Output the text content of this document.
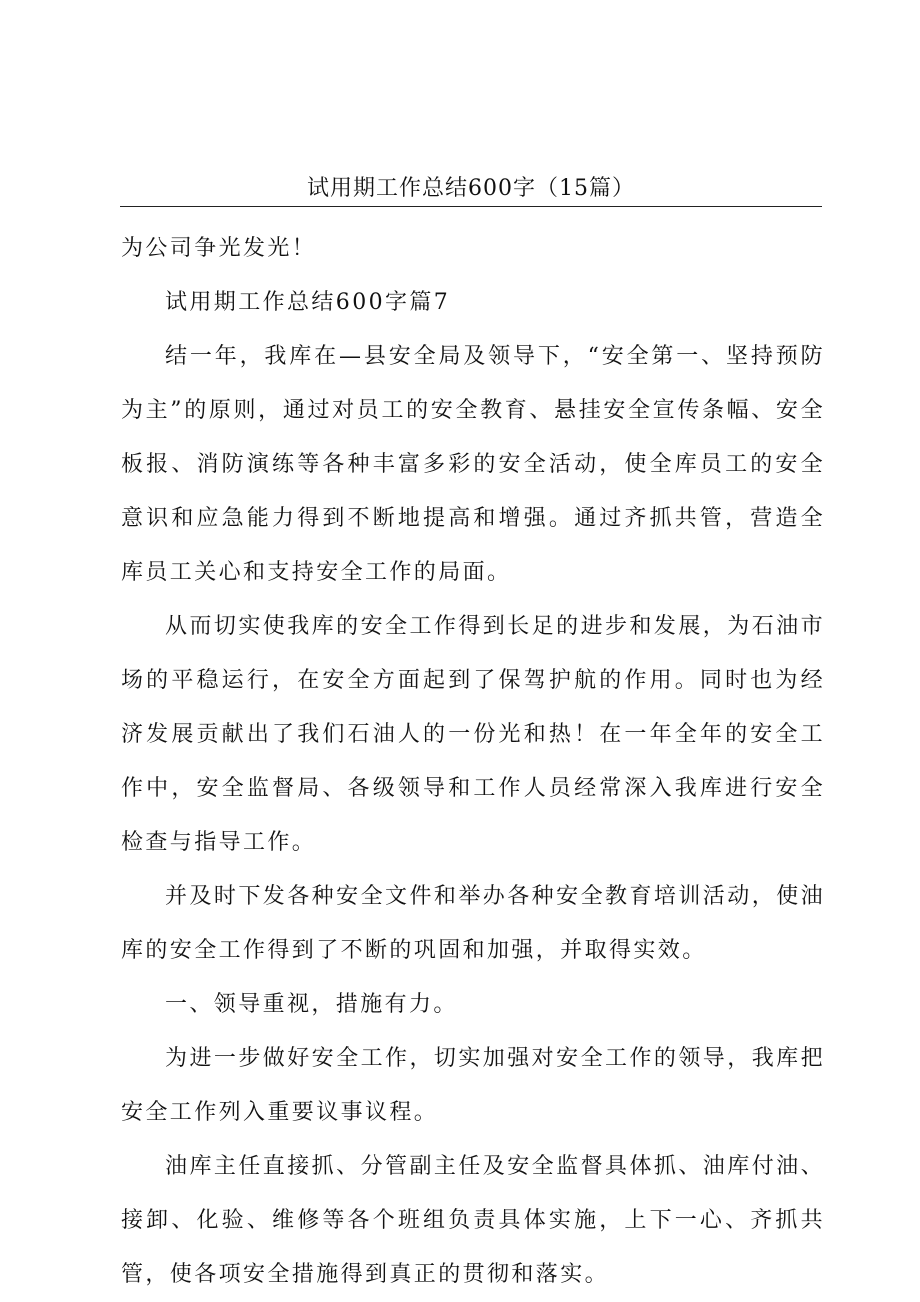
试用期工作总结600字（15篇）

为公司争光发光！

试用期工作总结600字篇7

结一年，我库在—县安全局及领导下，“安全第一、坚持预防为主”的原则，通过对员工的安全教育、悬挂安全宣传条幅、安全板报、消防演练等各种丰富多彩的安全活动，使全库员工的安全意识和应急能力得到不断地提高和增强。通过齐抓共管，营造全库员工关心和支持安全工作的局面。

从而切实使我库的安全工作得到长足的进步和发展，为石油市场的平稳运行，在安全方面起到了保驾护航的作用。同时也为经济发展贡献出了我们石油人的一份光和热！在一年全年的安全工作中，安全监督局、各级领导和工作人员经常深入我库进行安全检查与指导工作。

并及时下发各种安全文件和举办各种安全教育培训活动，使油库的安全工作得到了不断的巩固和加强，并取得实效。

一、领导重视，措施有力。

为进一步做好安全工作，切实加强对安全工作的领导，我库把安全工作列入重要议事议程。

油库主任直接抓、分管副主任及安全监督具体抓、油库付油、接卸、化验、维修等各个班组负责具体实施，上下一心、齐抓共管，使各项安全措施得到真正的贯彻和落实。
